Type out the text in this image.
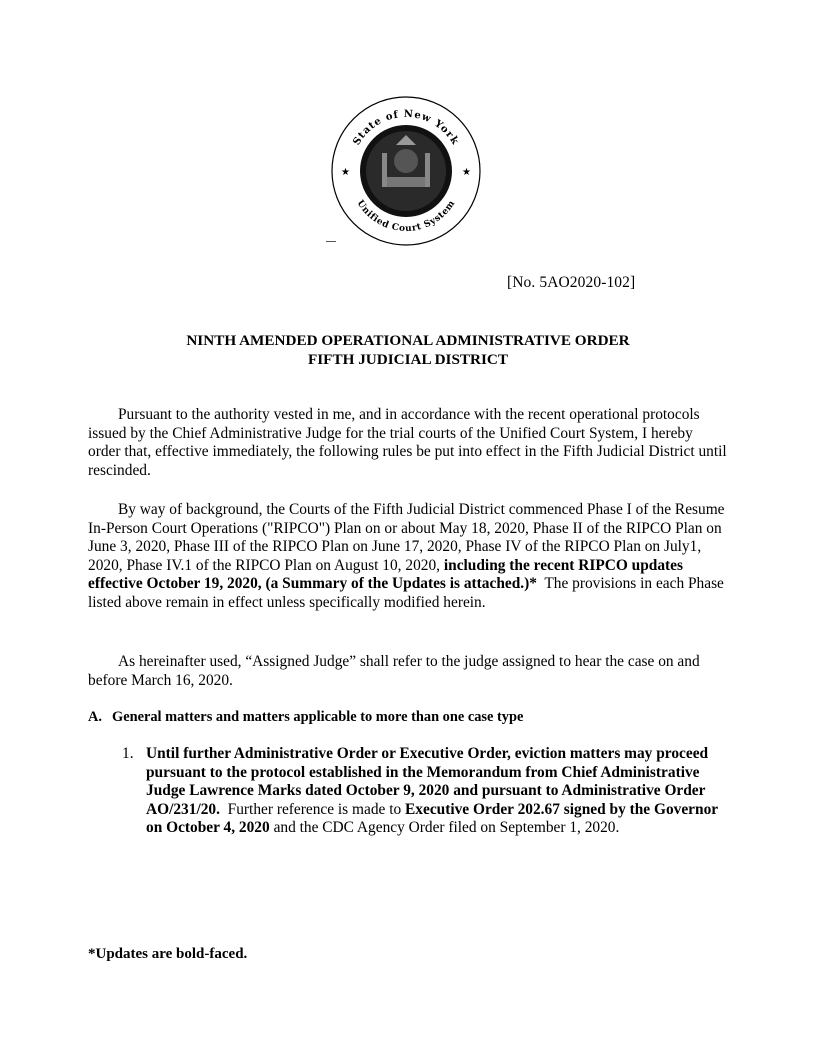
State of New York
Unified Court System
★	★
[No. 5AO2020-102]
NINTH AMENDED OPERATIONAL ADMINISTRATIVE ORDER
FIFTH JUDICIAL DISTRICT
Pursuant to the authority vested in me, and in accordance with the recent operational protocols issued by the Chief Administrative Judge for the trial courts of the Unified Court System, I hereby order that, effective immediately, the following rules be put into effect in the Fifth Judicial District until rescinded.
By way of background, the Courts of the Fifth Judicial District commenced Phase I of the Resume In-Person Court Operations ("RIPCO") Plan on or about May 18, 2020, Phase II of the RIPCO Plan on June 3, 2020, Phase III of the RIPCO Plan on June 17, 2020, Phase IV of the RIPCO Plan on July1, 2020, Phase IV.1 of the RIPCO Plan on August 10, 2020, including the recent RIPCO updates effective October 19, 2020, (a Summary of the Updates is attached.)* The provisions in each Phase listed above remain in effect unless specifically modified herein.
As hereinafter used, “Assigned Judge” shall refer to the judge assigned to hear the case on and before March 16, 2020.
A. General matters and matters applicable to more than one case type
1. Until further Administrative Order or Executive Order, eviction matters may proceed pursuant to the protocol established in the Memorandum from Chief Administrative Judge Lawrence Marks dated October 9, 2020 and pursuant to Administrative Order AO/231/20. Further reference is made to Executive Order 202.67 signed by the Governor on October 4, 2020 and the CDC Agency Order filed on September 1, 2020.
*Updates are bold-faced.
